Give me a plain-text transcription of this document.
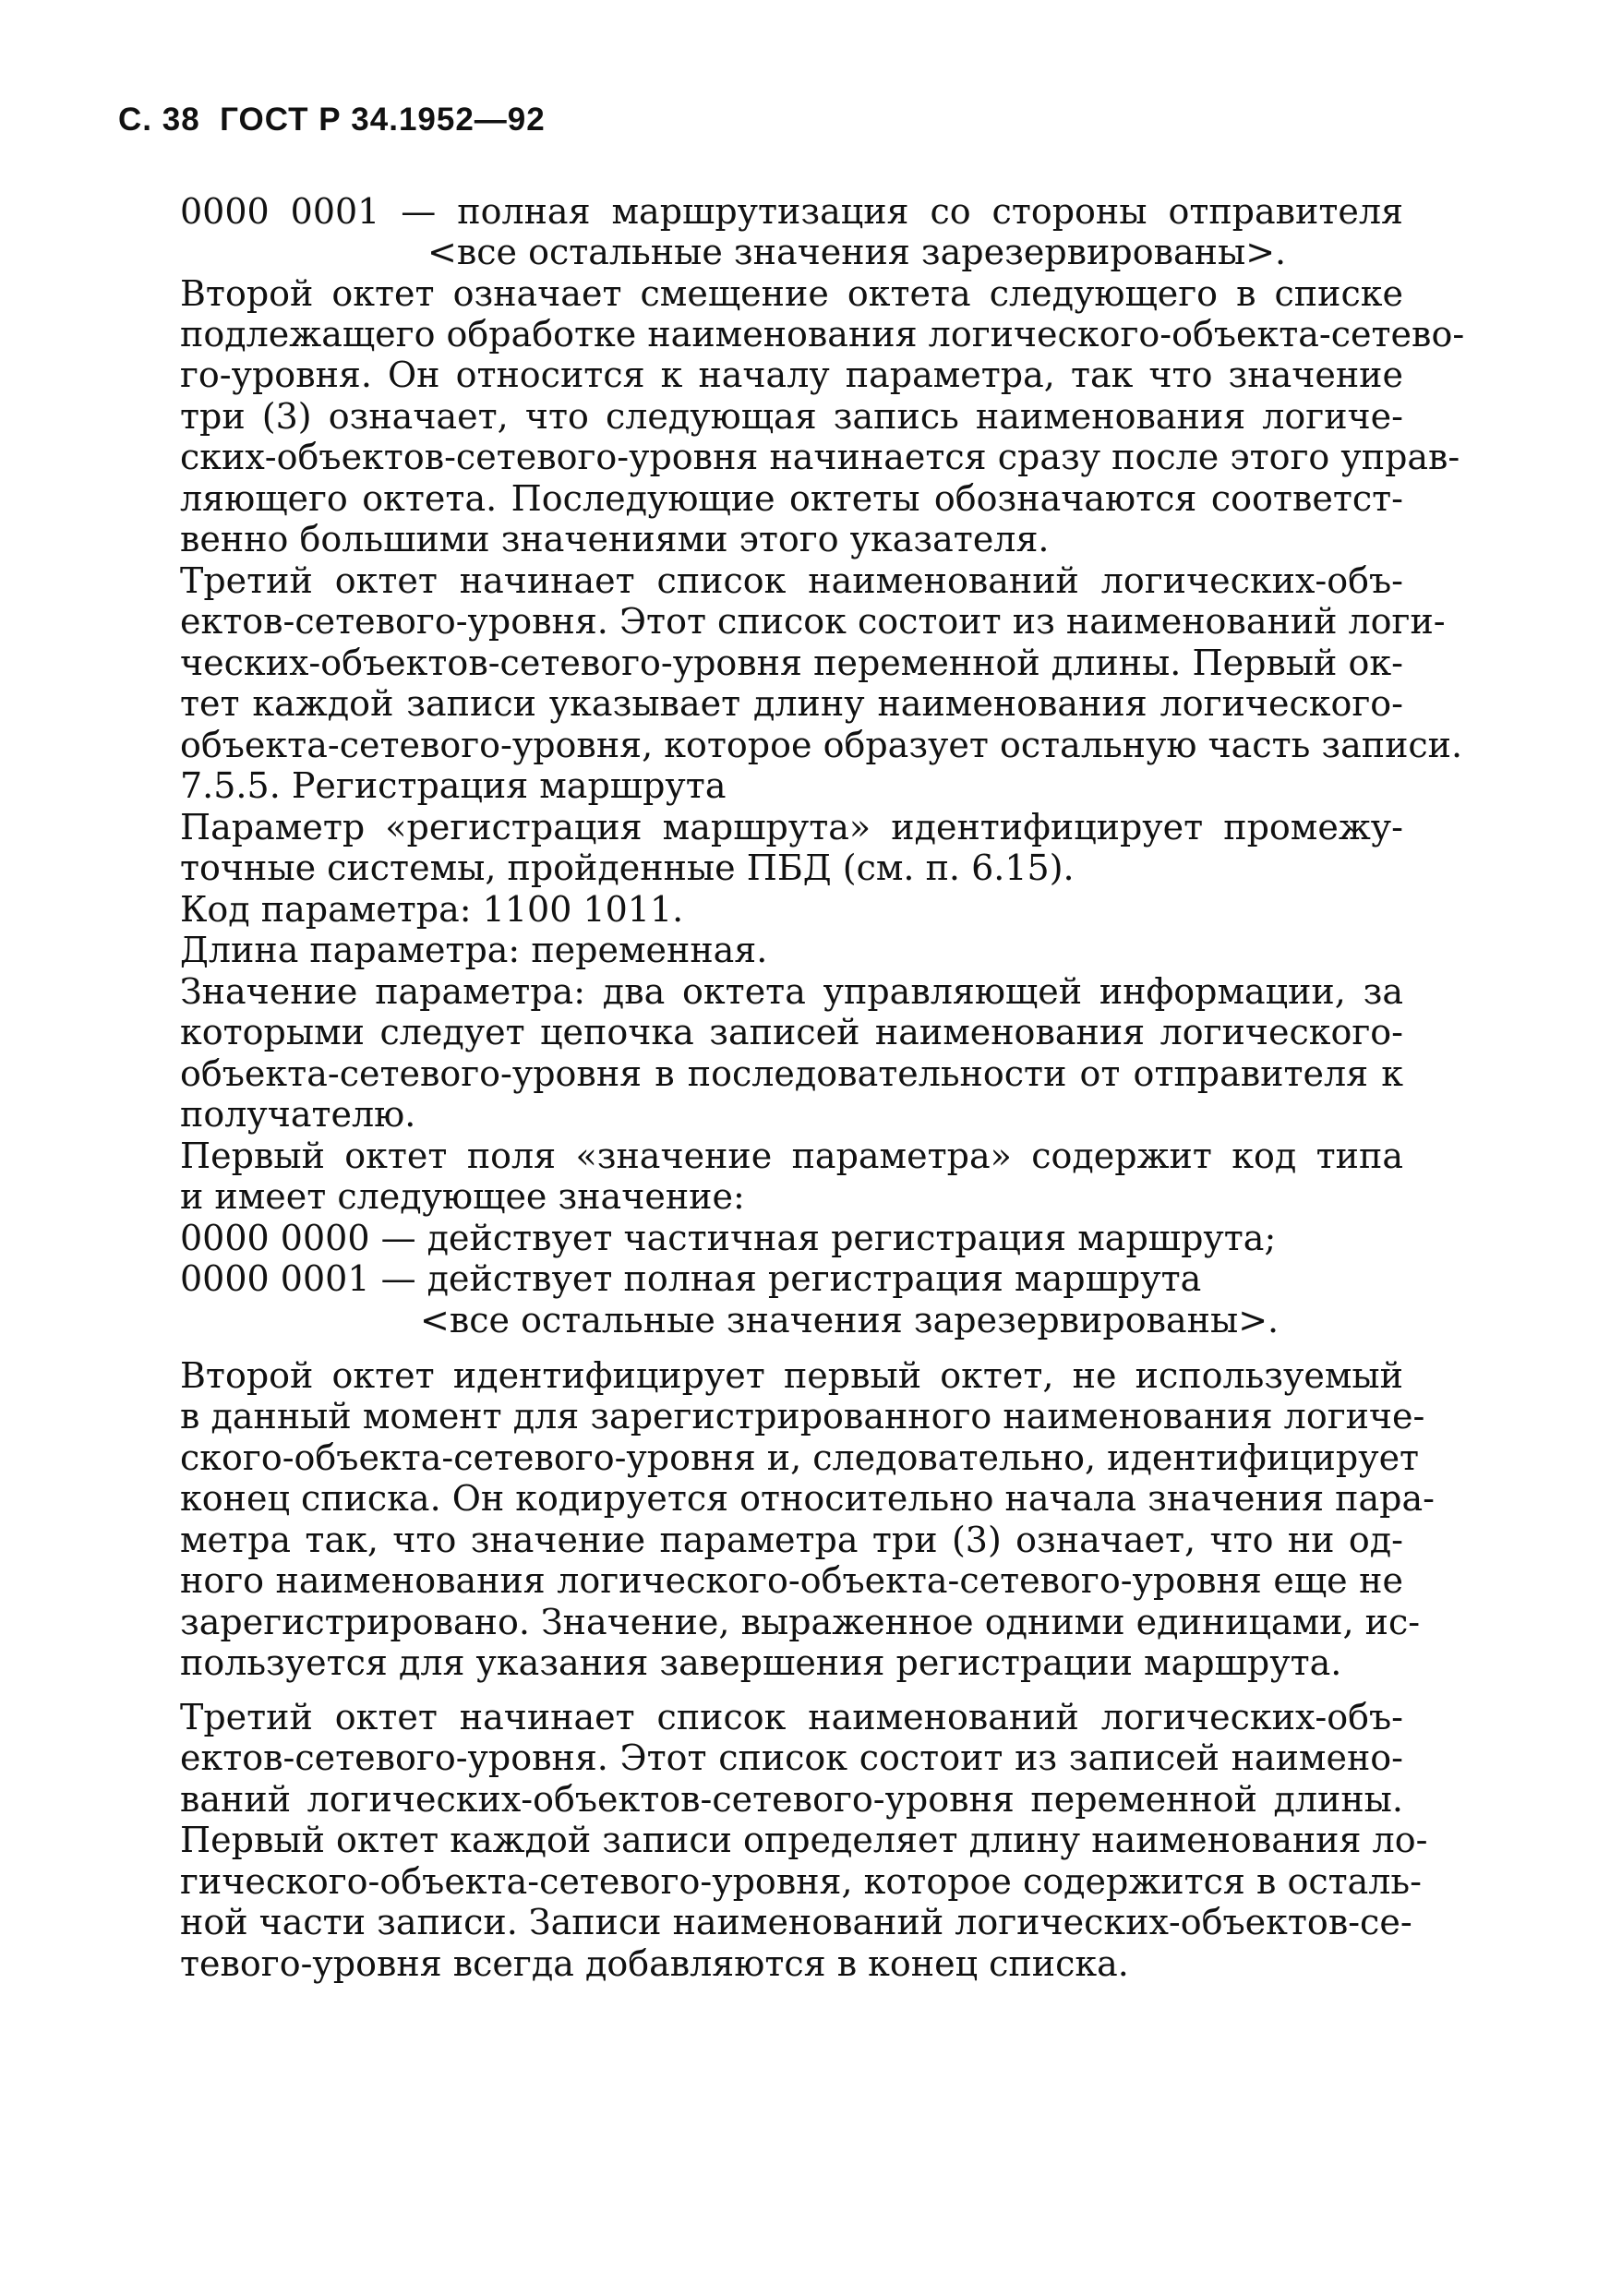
С. 38 ГОСТ Р 34.1952—92
0000 0001 — полная маршрутизация со стороны отправителя
<все остальные значения зарезервированы>.
Второй октет означает смещение октета следующего в списке
подлежащего обработке наименования логического-объекта-сетево-
го-уровня. Он относится к началу параметра, так что значение
три (3) означает, что следующая запись наименования логиче-
ских-объектов-сетевого-уровня начинается сразу после этого управ-
ляющего октета. Последующие октеты обозначаются соответст-
венно большими значениями этого указателя.
Третий октет начинает список наименований логических-объ-
ектов-сетевого-уровня. Этот список состоит из наименований логи-
ческих-объектов-сетевого-уровня переменной длины. Первый ок-
тет каждой записи указывает длину наименования логического-
объекта-сетевого-уровня, которое образует остальную часть записи.
7.5.5. Регистрация маршрута
Параметр «регистрация маршрута» идентифицирует промежу-
точные системы, пройденные ПБД (см. п. 6.15).
Код параметра: 1100 1011.
Длина параметра: переменная.
Значение параметра: два октета управляющей информации, за
которыми следует цепочка записей наименования логического-
объекта-сетевого-уровня в последовательности от отправителя к
получателю.
Первый октет поля «значение параметра» содержит код типа
и имеет следующее значение:
0000 0000 — действует частичная регистрация маршрута;
0000 0001 — действует полная регистрация маршрута
<все остальные значения зарезервированы>.
Второй октет идентифицирует первый октет, не используемый
в данный момент для зарегистрированного наименования логиче-
ского-объекта-сетевого-уровня и, следовательно, идентифицирует
конец списка. Он кодируется относительно начала значения пара-
метра так, что значение параметра три (3) означает, что ни од-
ного наименования логического-объекта-сетевого-уровня еще не
зарегистрировано. Значение, выраженное одними единицами, ис-
пользуется для указания завершения регистрации маршрута.
Третий октет начинает список наименований логических-объ-
ектов-сетевого-уровня. Этот список состоит из записей наимено-
ваний логических-объектов-сетевого-уровня переменной длины.
Первый октет каждой записи определяет длину наименования ло-
гического-объекта-сетевого-уровня, которое содержится в осталь-
ной части записи. Записи наименований логических-объектов-се-
тевого-уровня всегда добавляются в конец списка.
